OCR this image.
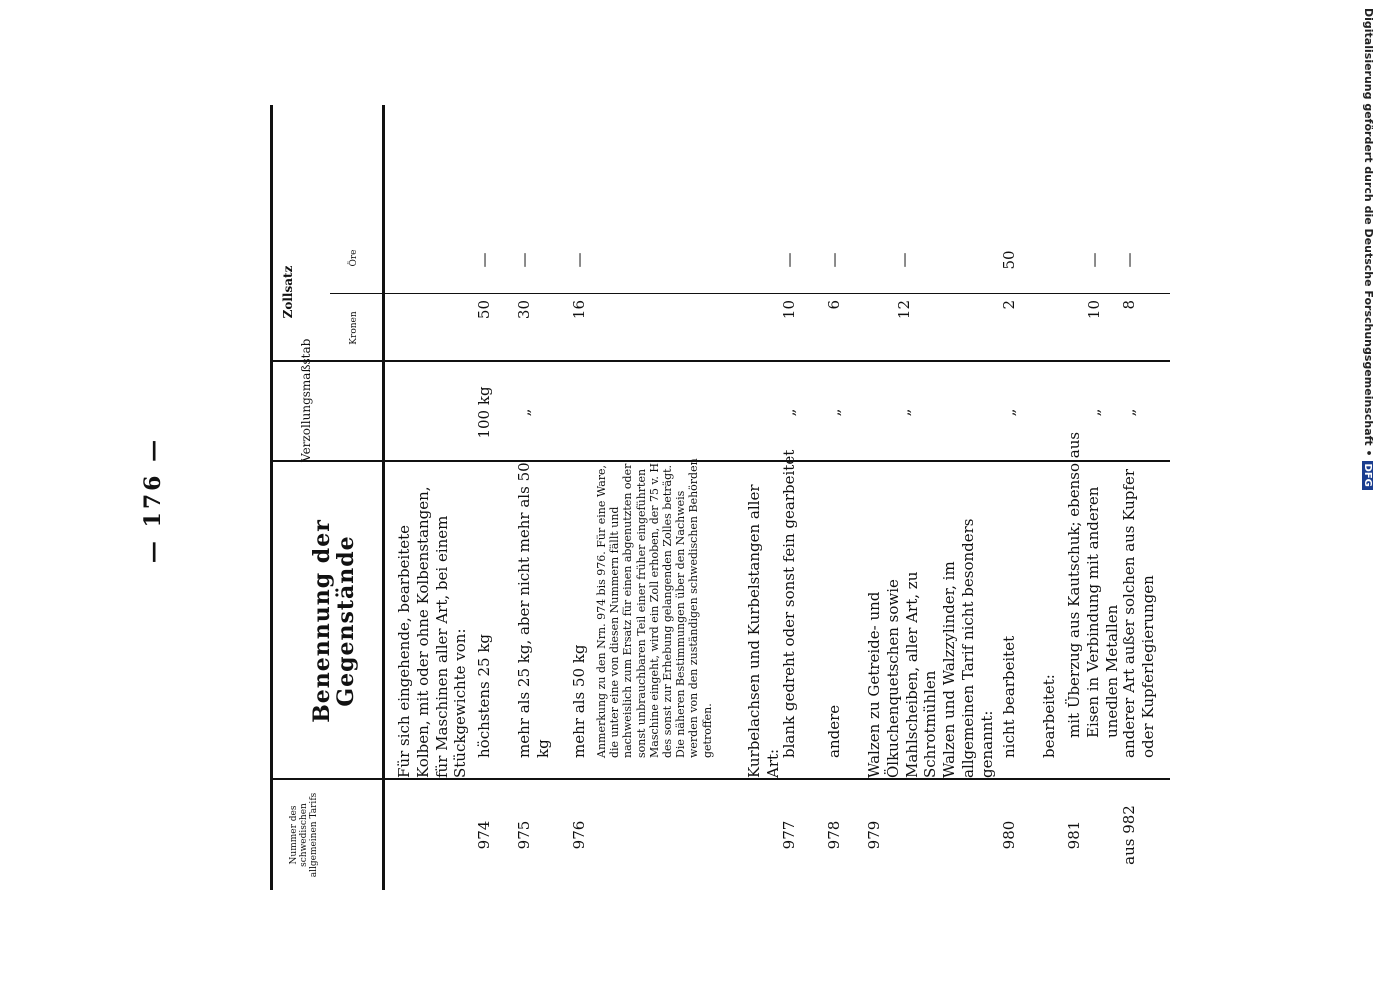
— 176 —
Nummer des schwedischen allgemeinen Tarifs
Benennung der Gegenstände
Verzollungsmaßstab
Zollsatz
Kronen
Öre
Für sich eingehende, bearbeitete Kolben, mit oder ohne Kolbenstangen, für Maschinen aller Art, bei einem Stückgewichte von:
974
höchstens 25 kg
100 kg
50
—
975
mehr als 25 kg, aber nicht mehr als 50 kg
„
30
—
976
mehr als 50 kg
16
—
Anmerkung zu den Nrn. 974 bis 976. Für eine Ware, die unter eine von diesen Nummern fällt und nachweislich zum Ersatz für einen abgenutzten oder sonst unbrauchbaren Teil einer früher eingeführten Maschine eingeht, wird ein Zoll erhoben, der 75 v. H. des sonst zur Erhebung gelangenden Zolles beträgt. Die näheren Bestimmungen über den Nachweis werden von den zuständigen schwedischen Behörden getroffen. Kurbelachsen und Kurbelstangen aller Art:
977
blank gedreht oder sonst fein gearbeitet
„
10
—
978
andere
„
6
—
979
Walzen zu Getreide- und Ölkuchenquetschen sowie Mahlscheiben, aller Art, zu Schrotmühlen
„
12
—
Walzen und Walzzylinder, im allgemeinen Tarif nicht besonders genannt:
980
nicht bearbeitet
„
2
50
bearbeitet:
981
mit Überzug aus Kautschuk; ebenso aus Eisen in Verbindung mit anderen unedlen Metallen
„
10
—
aus 982
anderer Art außer solchen aus Kupfer oder Kupferlegierungen
„
8
—	Digitalisierung gefördert durch die Deutsche Forschungsgemeinschaft •DFG
